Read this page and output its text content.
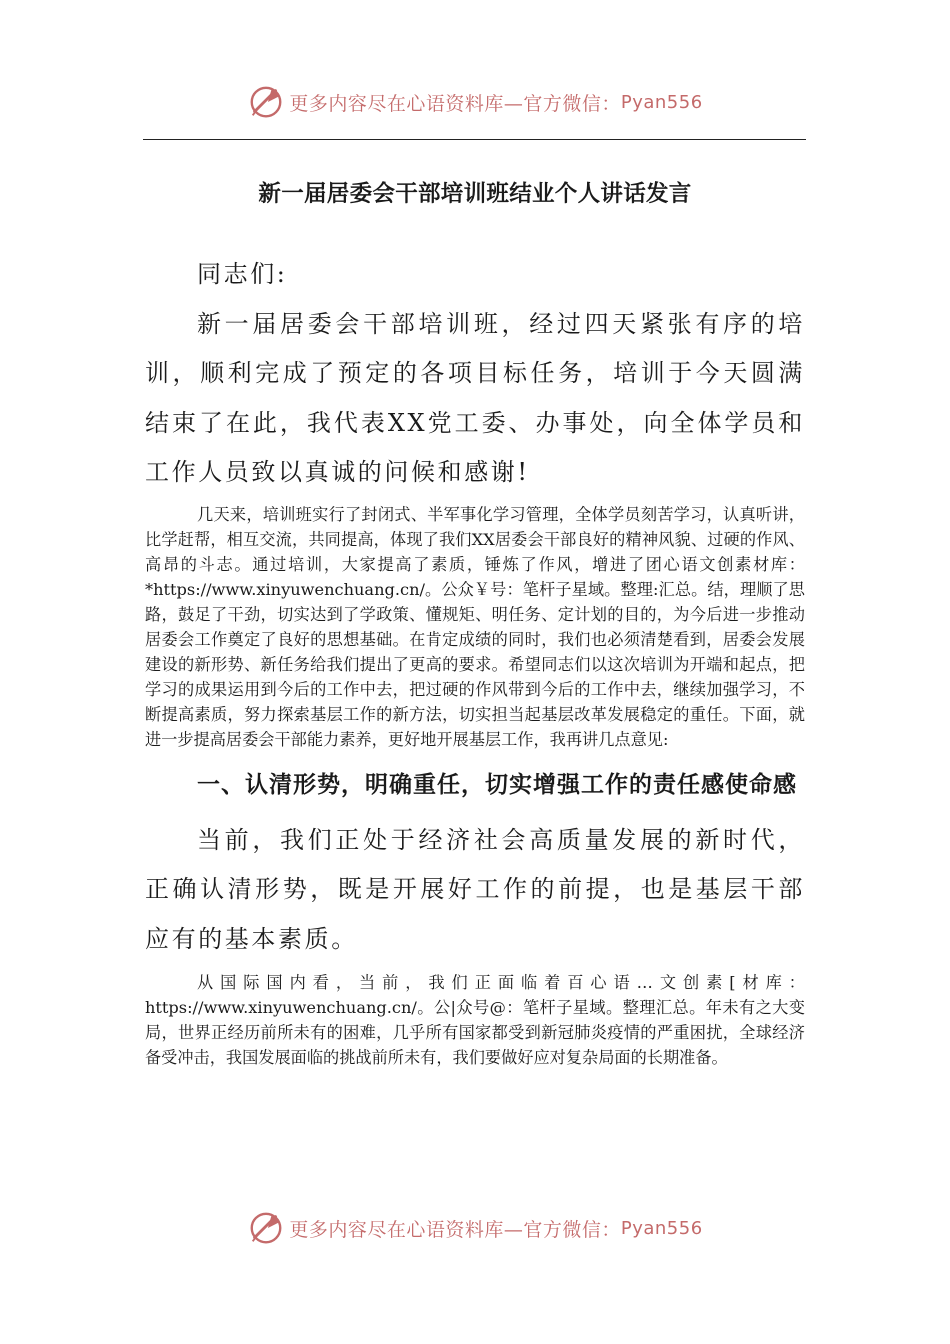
更多内容尽在心语资料库—官方微信： Pyan556
新一届居委会干部培训班结业个人讲话发言

同志们:

新一届居委会干部培训班，经过四天紧张有序的培训，顺利完成了预定的各项目标任务，培训于今天圆满结束了在此，我代表XX党工委、办事处，向全体学员和工作人员致以真诚的问候和感谢!

几天来，培训班实行了封闭式、半军事化学习管理，全体学员刻苦学习，认真听讲，比学赶帮，相互交流，共同提高，体现了我们XX居委会干部良好的精神风貌、过硬的作风、高昂的斗志。通过培训，大家提高了素质，锤炼了作风，增进了团心语文创素材库：*https://www.xinyuwenchuang.cn/。公众￥号：笔杆子星域。整理:汇总。结，理顺了思路，鼓足了干劲，切实达到了学政策、懂规矩、明任务、定计划的目的，为今后进一步推动居委会工作奠定了良好的思想基础。在肯定成绩的同时，我们也必须清楚看到，居委会发展建设的新形势、新任务给我们提出了更高的要求。希望同志们以这次培训为开端和起点，把学习的成果运用到今后的工作中去，把过硬的作风带到今后的工作中去，继续加强学习，不断提高素质，努力探索基层工作的新方法，切实担当起基层改革发展稳定的重任。下面，就进一步提高居委会干部能力素养，更好地开展基层工作，我再讲几点意见:

一、认清形势，明确重任，切实增强工作的责任感使命感

当前，我们正处于经济社会高质量发展的新时代，正确认清形势，既是开展好工作的前提，也是基层干部应有的基本素质。

从国际国内看，当前，我们正面临着百心语…文创素[材库：https://www.xinyuwenchuang.cn/。公|众号@：笔杆子星域。整理汇总。年未有之大变局，世界正经历前所未有的困难，几乎所有国家都受到新冠肺炎疫情的严重困扰，全球经济备受冲击，我国发展面临的挑战前所未有，我们要做好应对复杂局面的长期准备。

更多内容尽在心语资料库—官方微信： Pyan556
